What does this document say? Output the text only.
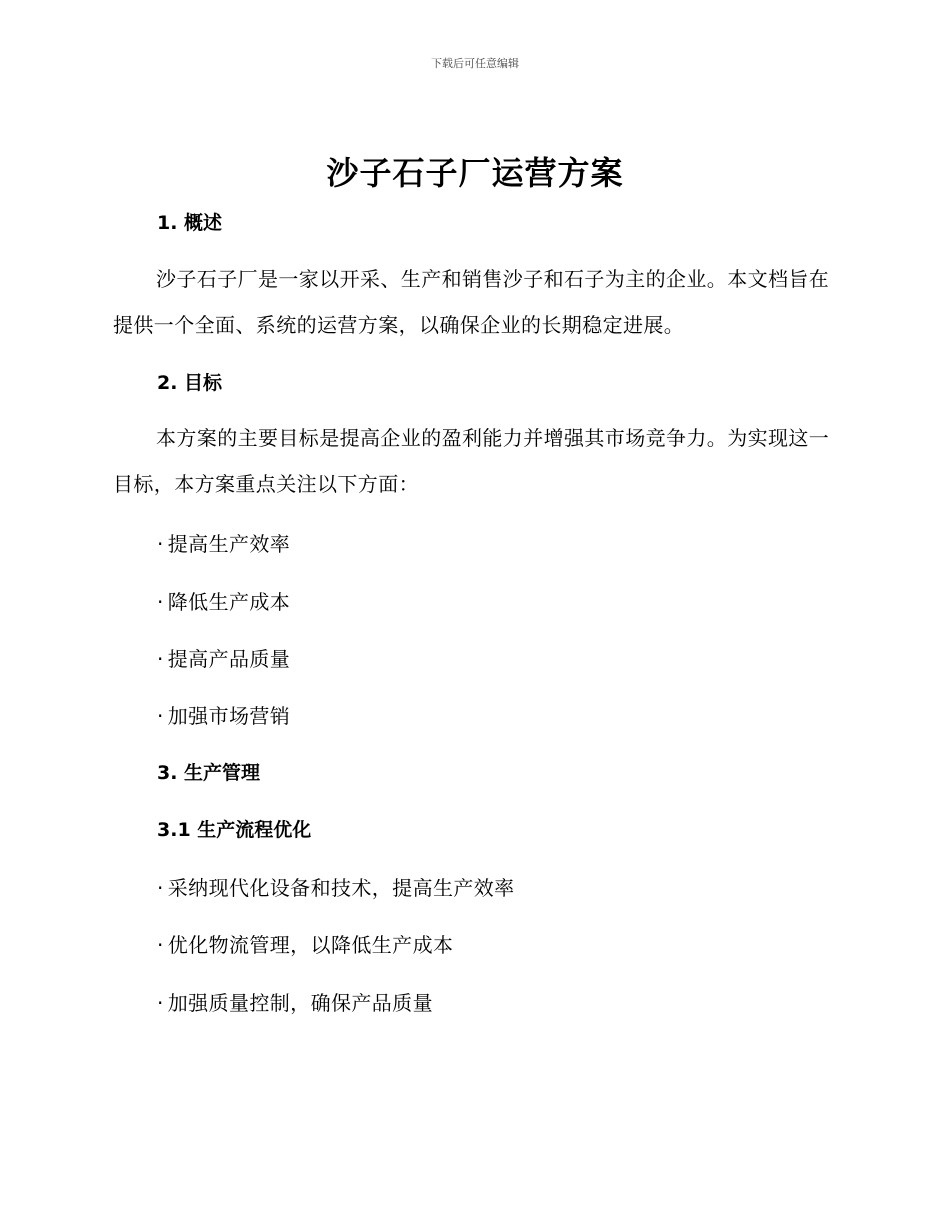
下载后可任意编辑
沙子石子厂运营方案
1. 概述

沙子石子厂是一家以开采、生产和销售沙子和石子为主的企业。本文档旨在提供一个全面、系统的运营方案，以确保企业的长期稳定进展。

2. 目标

本方案的主要目标是提高企业的盈利能力并增强其市场竞争力。为实现这一目标，本方案重点关注以下方面：

· 提高生产效率

· 降低生产成本

· 提高产品质量

· 加强市场营销

3. 生产管理
3.1 生产流程优化

· 采纳现代化设备和技术，提高生产效率

· 优化物流管理，以降低生产成本

· 加强质量控制，确保产品质量
